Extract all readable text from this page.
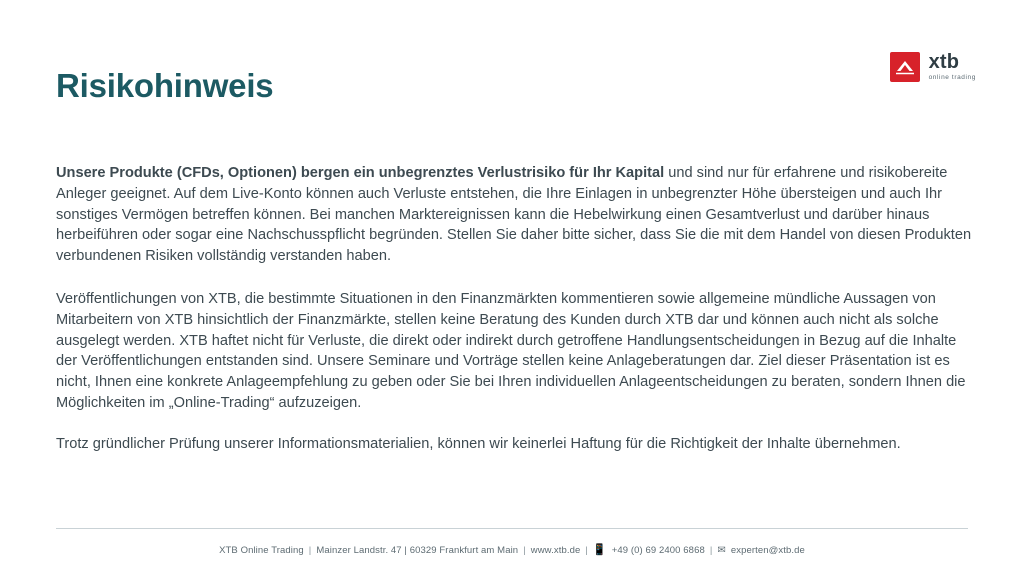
Risikohinweis
xtb
online trading

Unsere Produkte (CFDs, Optionen) bergen ein unbegrenztes Verlustrisiko für Ihr Kapital und sind nur für erfahrene und risikobereite Anleger geeignet. Auf dem Live-Konto können auch Verluste entstehen, die Ihre Einlagen in unbegrenzter Höhe übersteigen und auch Ihr sonstiges Vermögen betreffen können. Bei manchen Marktereignissen kann die Hebelwirkung einen Gesamtverlust und darüber hinaus herbeiführen oder sogar eine Nachschusspflicht begründen. Stellen Sie daher bitte sicher, dass Sie die mit dem Handel von diesen Produkten verbundenen Risiken vollständig verstanden haben.

Veröffentlichungen von XTB, die bestimmte Situationen in den Finanzmärkten kommentieren sowie allgemeine mündliche Aussagen von Mitarbeitern von XTB hinsichtlich der Finanzmärkte, stellen keine Beratung des Kunden durch XTB dar und können auch nicht als solche ausgelegt werden. XTB haftet nicht für Verluste, die direkt oder indirekt durch getroffene Handlungsentscheidungen in Bezug auf die Inhalte der Veröffentlichungen entstanden sind. Unsere Seminare und Vorträge stellen keine Anlageberatungen dar. Ziel dieser Präsentation ist es nicht, Ihnen eine konkrete Anlageempfehlung zu geben oder Sie bei Ihren individuellen Anlageentscheidungen zu beraten, sondern Ihnen die Möglichkeiten im „Online-Trading“ aufzuzeigen.

Trotz gründlicher Prüfung unserer Informationsmaterialien, können wir keinerlei Haftung für die Richtigkeit der Inhalte übernehmen.

XTB Online Trading | Mainzer Landstr. 47 | 60329 Frankfurt am Main | www.xtb.de | 📱 +49 (0) 69 2400 6868 | ✉ experten@xtb.de
